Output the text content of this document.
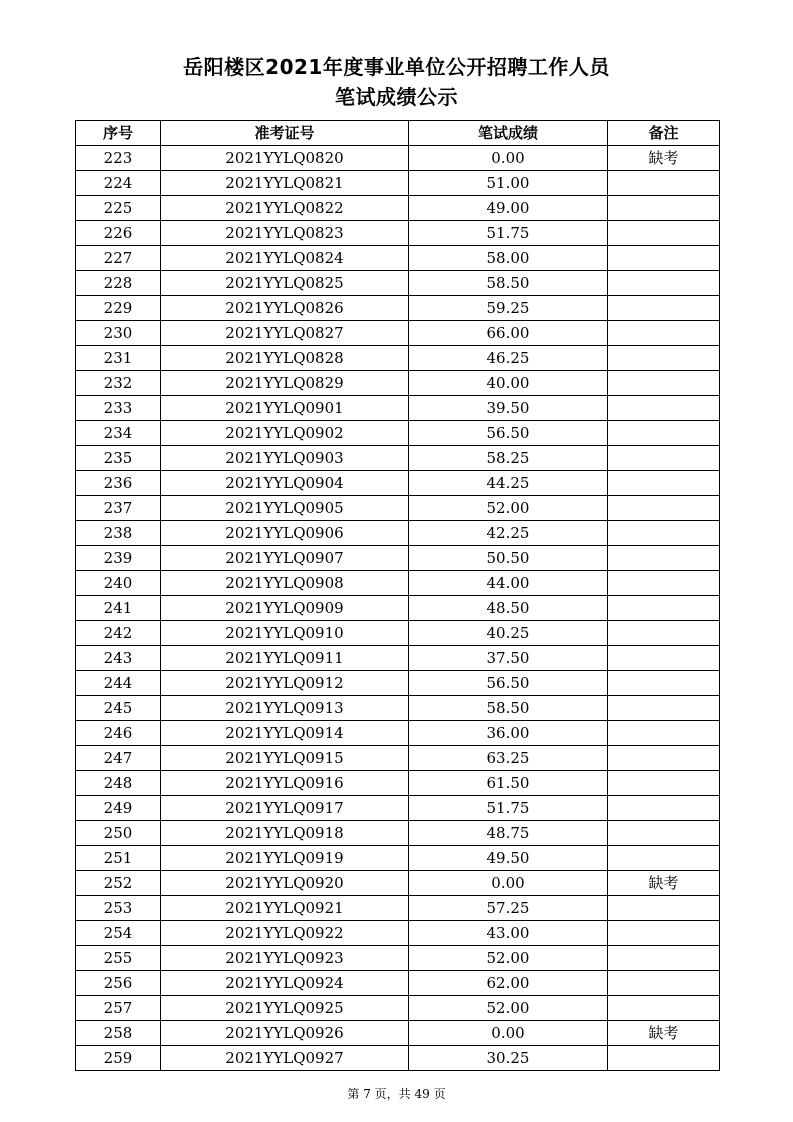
岳阳楼区2021年度事业单位公开招聘工作人员
笔试成绩公示
序号	准考证号	笔试成绩	备注
223	2021YYLQ0820	0.00	缺考
224	2021YYLQ0821	51.00	
225	2021YYLQ0822	49.00	
226	2021YYLQ0823	51.75	
227	2021YYLQ0824	58.00	
228	2021YYLQ0825	58.50	
229	2021YYLQ0826	59.25	
230	2021YYLQ0827	66.00	
231	2021YYLQ0828	46.25	
232	2021YYLQ0829	40.00	
233	2021YYLQ0901	39.50	
234	2021YYLQ0902	56.50	
235	2021YYLQ0903	58.25	
236	2021YYLQ0904	44.25	
237	2021YYLQ0905	52.00	
238	2021YYLQ0906	42.25	
239	2021YYLQ0907	50.50	
240	2021YYLQ0908	44.00	
241	2021YYLQ0909	48.50	
242	2021YYLQ0910	40.25	
243	2021YYLQ0911	37.50	
244	2021YYLQ0912	56.50	
245	2021YYLQ0913	58.50	
246	2021YYLQ0914	36.00	
247	2021YYLQ0915	63.25	
248	2021YYLQ0916	61.50	
249	2021YYLQ0917	51.75	
250	2021YYLQ0918	48.75	
251	2021YYLQ0919	49.50	
252	2021YYLQ0920	0.00	缺考
253	2021YYLQ0921	57.25	
254	2021YYLQ0922	43.00	
255	2021YYLQ0923	52.00	
256	2021YYLQ0924	62.00	
257	2021YYLQ0925	52.00	
258	2021YYLQ0926	0.00	缺考
259	2021YYLQ0927	30.25	
第 7 页，共 49 页
